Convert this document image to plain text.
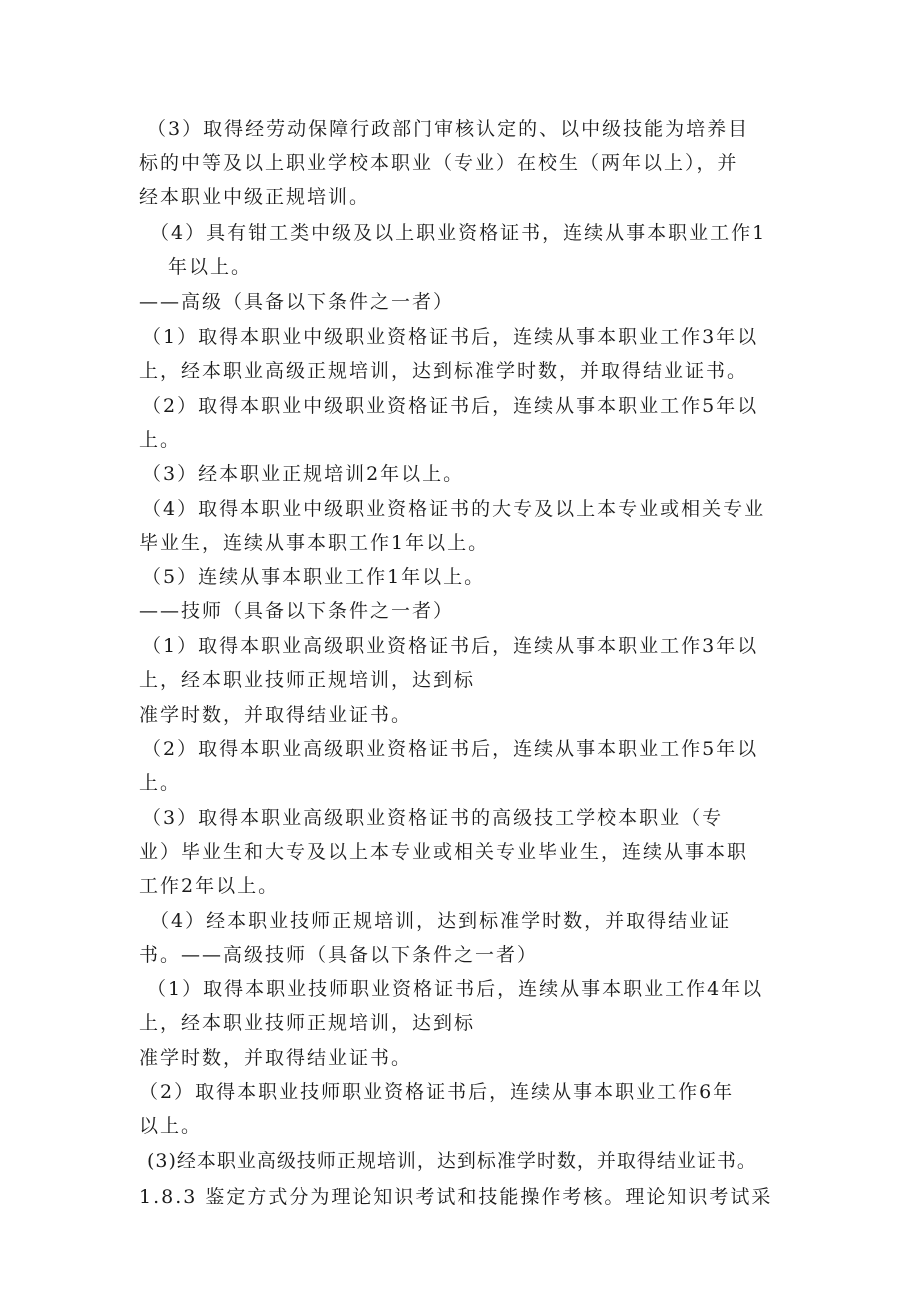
（3）取得经劳动保障行政部门审核认定的、以中级技能为培养目
标的中等及以上职业学校本职业（专业）在校生（两年以上），并
经本职业中级正规培训。
（4）具有钳工类中级及以上职业资格证书，连续从事本职业工作1
年以上。
——高级（具备以下条件之一者）
（1）取得本职业中级职业资格证书后，连续从事本职业工作3年以
上，经本职业高级正规培训，达到标准学时数，并取得结业证书。
（2）取得本职业中级职业资格证书后，连续从事本职业工作5年以
上。
（3）经本职业正规培训2年以上。
（4）取得本职业中级职业资格证书的大专及以上本专业或相关专业
毕业生，连续从事本职工作1年以上。
（5）连续从事本职业工作1年以上。
——技师（具备以下条件之一者）
（1）取得本职业高级职业资格证书后，连续从事本职业工作3年以
上，经本职业技师正规培训，达到标
准学时数，并取得结业证书。
（2）取得本职业高级职业资格证书后，连续从事本职业工作5年以
上。
（3）取得本职业高级职业资格证书的高级技工学校本职业（专
业）毕业生和大专及以上本专业或相关专业毕业生，连续从事本职
工作2年以上。
（4）经本职业技师正规培训，达到标准学时数，并取得结业证
书。——高级技师（具备以下条件之一者）
（1）取得本职业技师职业资格证书后，连续从事本职业工作4年以
上，经本职业技师正规培训，达到标
准学时数，并取得结业证书。
（2）取得本职业技师职业资格证书后，连续从事本职业工作6年
以上。
(3)经本职业高级技师正规培训，达到标准学时数，并取得结业证书。
1.8.3 鉴定方式分为理论知识考试和技能操作考核。理论知识考试采
